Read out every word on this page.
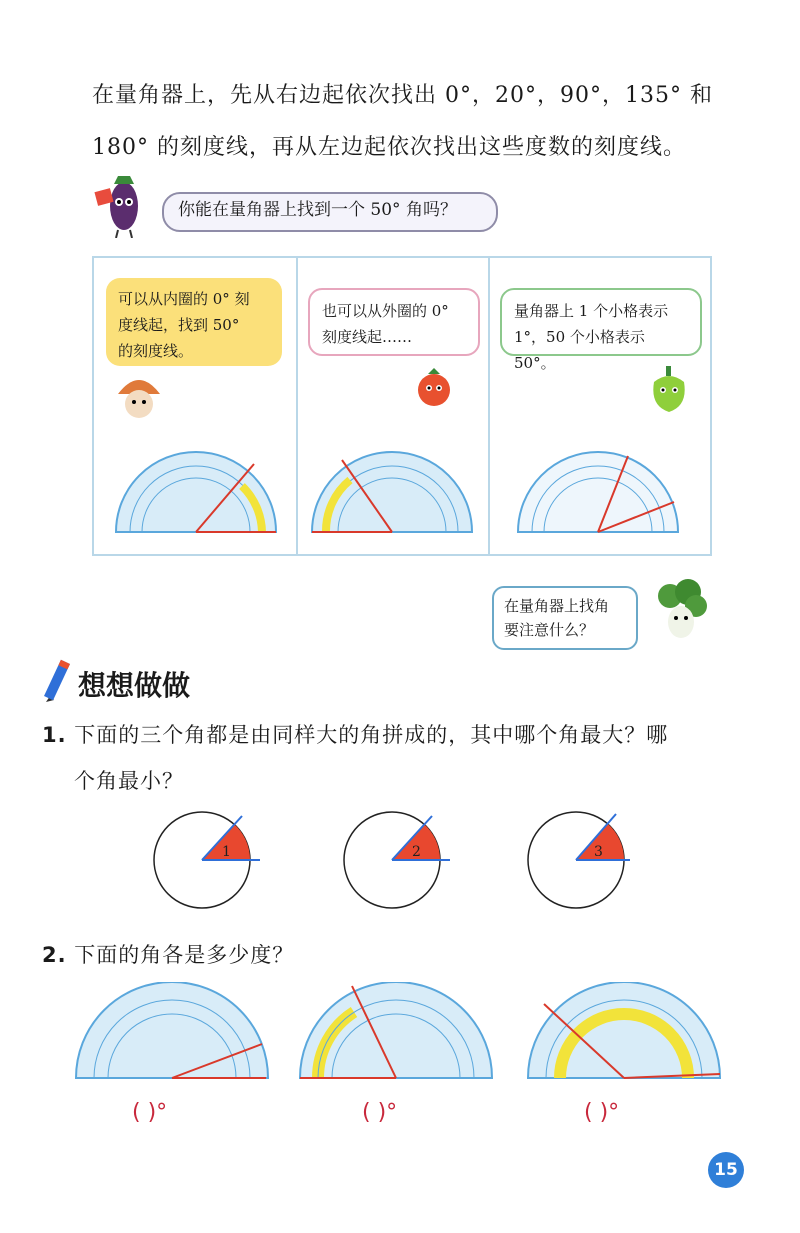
在量角器上，先从右边起依次找出 0°，20°，90°，135° 和
180° 的刻度线，再从左边起依次找出这些度数的刻度线。
你能在量角器上找到一个 50° 角吗？
可以从内圈的 0° 刻
度线起，找到 50°
的刻度线。
也可以从外圈的 0°
刻度线起……
量角器上 1 个小格表示
1°，50 个小格表示 50°。
在量角器上找角
要注意什么？
想想做做
1. 下面的三个角都是由同样大的角拼成的，其中哪个角最大？哪
个角最小？
1	2	3
2. 下面的角各是多少度？
( )°	( )°	( )°
15
